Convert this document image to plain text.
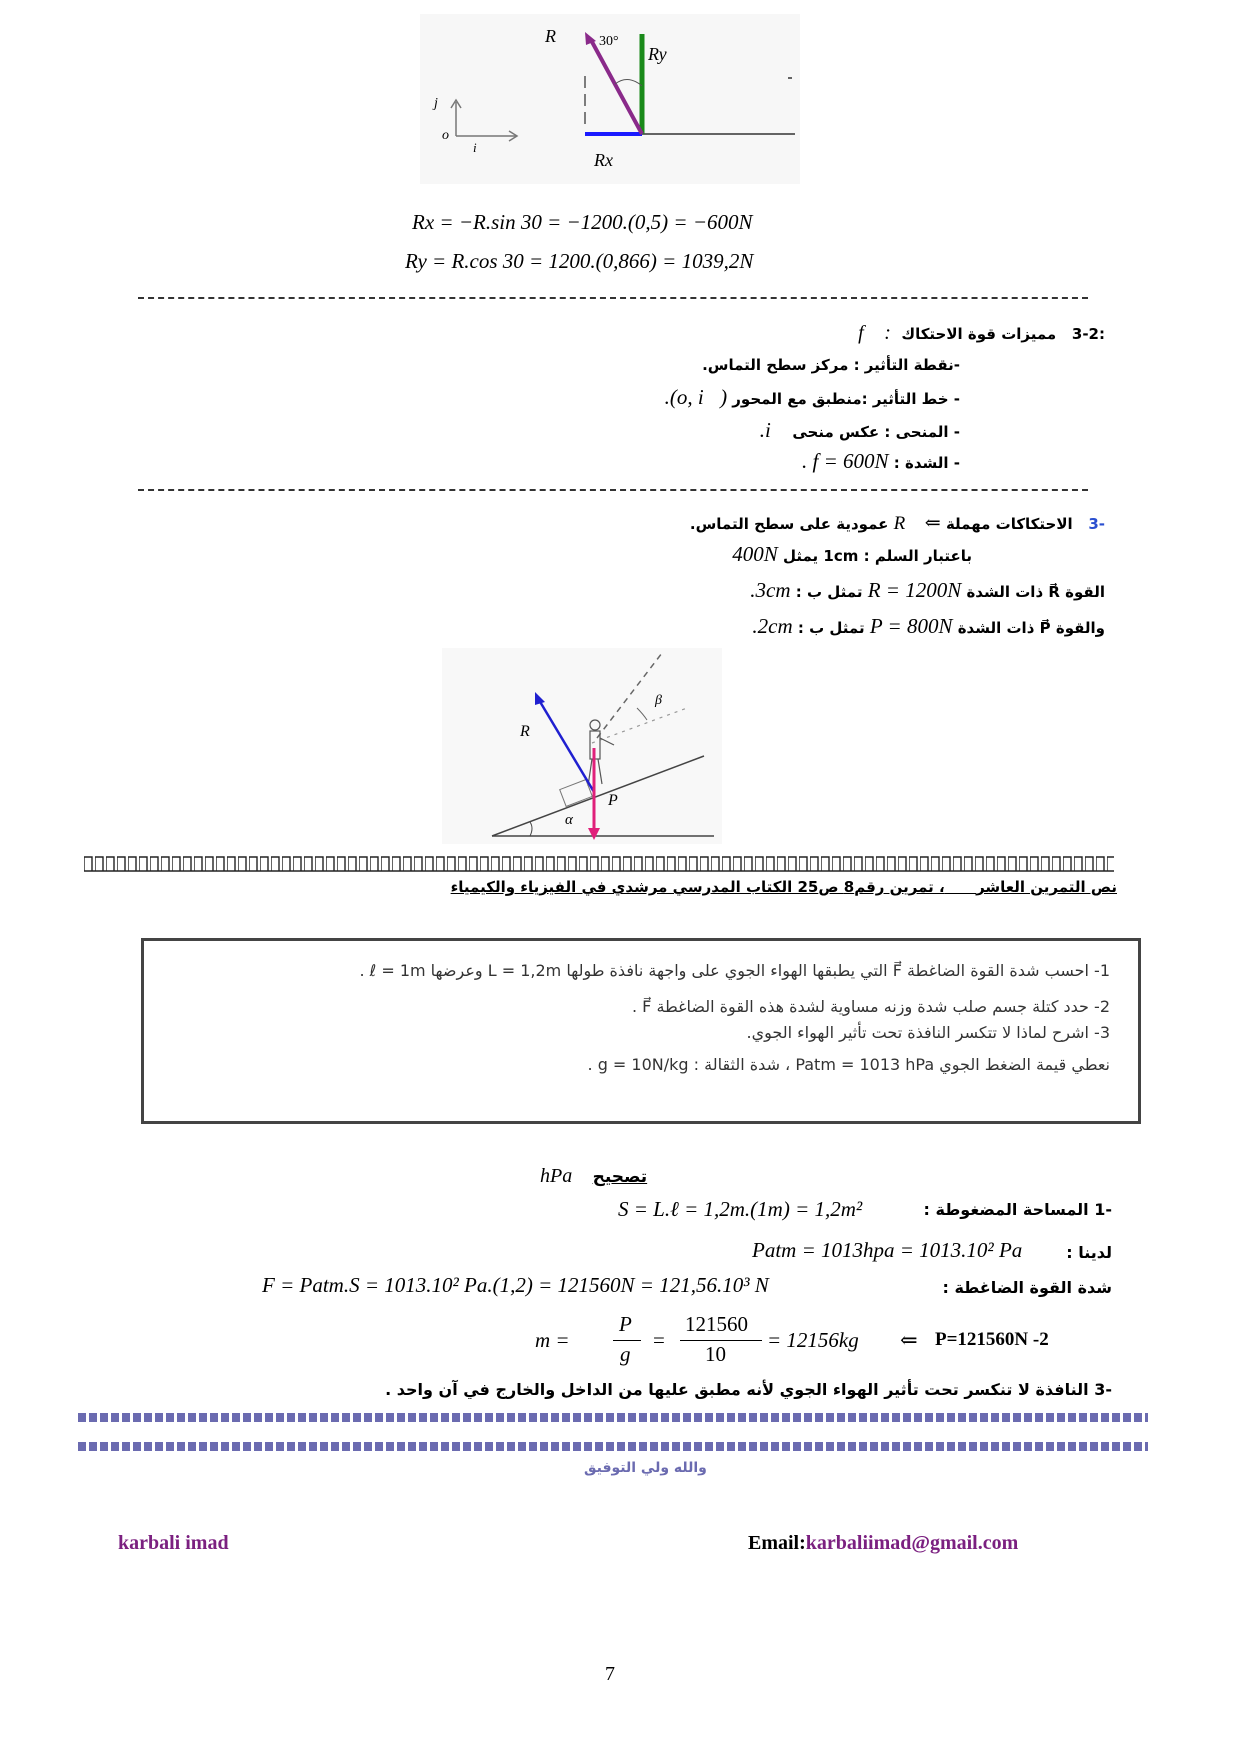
R⃗ 30°
Ry
Rx
j⃗
o
i⃗
Rx = −R.sin 30 = −1200.(0,5) = −600N
Ry = R.cos 30 = 1200.(0,866) = 1039,2N
3-2:   مميزات قوة الاحتكاك  f⃗ :
-نقطة التأثير : مركز سطح التماس.
- خط التأثير :منطبق مع المحور .(o, i⃗)
- المنحى : عكس منحى .i⃗
- الشدة : . f = 600N
3-   الاحتكاكات مهملة ⇐ R⃗ عمودية على سطح التماس.
باعتبار السلم : 1cm يمثل 400N
القوة R⃗ ذات الشدة R = 1200N تمثل ب : .3cm
والقوة P⃗ ذات الشدة P = 800N تمثل ب : .2cm
R⃗
P⃗
α
β
نص التمرين العاشر      ، تمرين رقم8 ص25 الكتاب المدرسي مرشدي في الفيزياء والكيمياء
1- احسب شدة القوة الضاغطة F⃗ التي يطبقها الهواء الجوي على واجهة نافذة طولها L = 1,2m وعرضها ℓ = 1m .
2- حدد كتلة جسم صلب شدة وزنه مساوية لشدة هذه القوة الضاغطة F⃗ .
3- اشرح لماذا لا تتكسر النافذة تحت تأثير الهواء الجوي.
نعطي قيمة الضغط الجوي Patm = 1013 hPa ، شدة الثقالة : g = 10N/kg .
hPa تصحيح
-1 المساحة المضغوطة :
S = L.ℓ = 1,2m.(1m) = 1,2m²
لدينا :
Patm = 1013hpa = 1013.10² Pa
شدة القوة الضاغطة :
F = Patm.S = 1013.10² Pa.(1,2) = 121560N = 121,56.10³ N
m =
P
g
=
121560
10
= 12156kg ⇐ P=121560N -2
-3 النافذة لا تنكسر تحت تأثير الهواء الجوي لأنه مطبق عليها من الداخل والخارج في آن واحد .
والله ولي التوفيق
karbali imad	Email:karbaliimad@gmail.com
7
